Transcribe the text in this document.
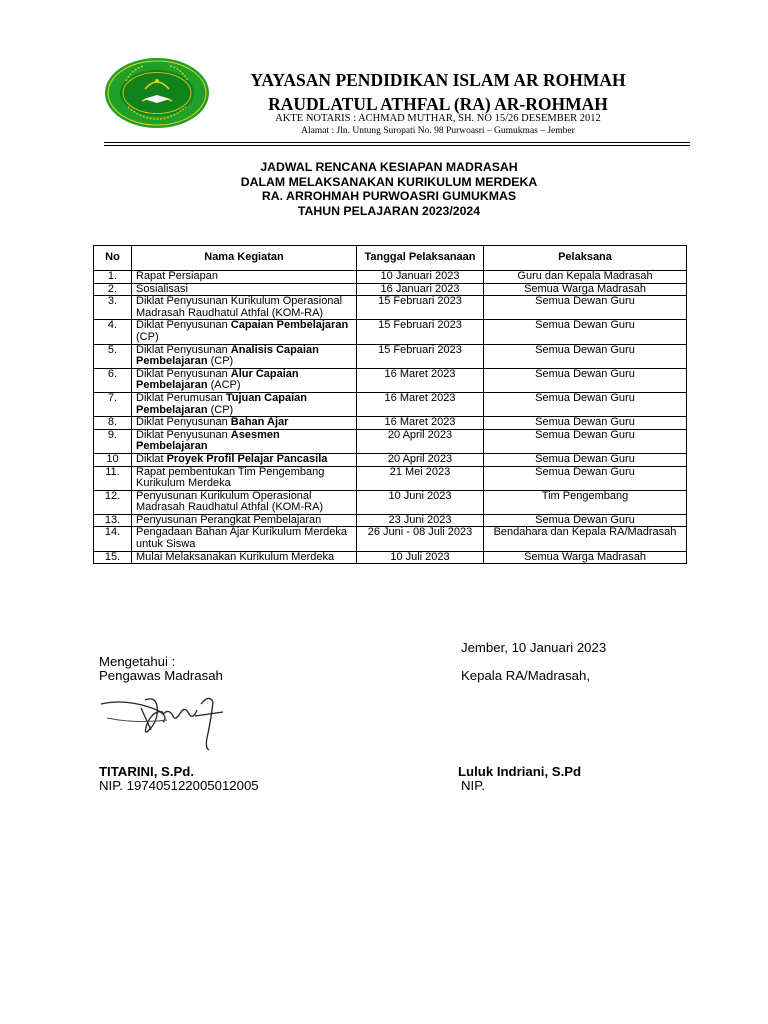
YAYASAN PENDIDIKAN ISLAM AR ROHMAH
RAUDLATUL ATHFAL (RA) AR-ROHMAH
AKTE NOTARIS : ACHMAD MUTHAR, SH. NO 15/26 DESEMBER 2012
Alamat : Jln. Untung Suropati No. 98 Purwoasri – Gumukmas – Jember
JADWAL RENCANA KESIAPAN MADRASAH
DALAM MELAKSANAKAN KURIKULUM MERDEKA
RA. ARROHMAH PURWOASRI GUMUKMAS
TAHUN PELAJARAN 2023/2024
No	Nama Kegiatan	Tanggal Pelaksanaan	Pelaksana
1.	Rapat Persiapan	10 Januari 2023	Guru dan Kepala Madrasah
2.	Sosialisasi	16 Januari 2023	Semua Warga Madrasah
3.	Diklat Penyusunan Kurikulum Operasional Madrasah Raudhatul Athfal (KOM-RA)	15 Februari 2023	Semua Dewan Guru
4.	Diklat Penyusunan Capaian Pembelajaran (CP)	15 Februari 2023	Semua Dewan Guru
5.	Diklat Penyusunan Analisis Capaian Pembelajaran (CP)	15 Februari 2023	Semua Dewan Guru
6.	Diklat Penyusunan Alur Capaian Pembelajaran (ACP)	16 Maret 2023	Semua Dewan Guru
7.	Diklat Perumusan Tujuan Capaian Pembelajaran (CP)	16 Maret 2023	Semua Dewan Guru
8.	Diklat Penyusunan Bahan Ajar	16 Maret 2023	Semua Dewan Guru
9.	Diklat Penyusunan Asesmen Pembelajaran	20 April 2023	Semua Dewan Guru
10	Diklat Proyek Profil Pelajar Pancasila	20 April 2023	Semua Dewan Guru
11.	Rapat pembentukan Tim Pengembang Kurikulum Merdeka	21 Mei 2023	Semua Dewan Guru
12.	Penyusunan Kurikulum Operasional Madrasah Raudhatul Athfal (KOM-RA)	10 Juni 2023	Tim Pengembang
13.	Penyusunan Perangkat Pembelajaran	23 Juni 2023	Semua Dewan Guru
14.	Pengadaan Bahan Ajar Kurikulum Merdeka untuk Siswa	26 Juni - 08 Juli 2023	Bendahara dan Kepala RA/Madrasah
15.	Mulai Melaksanakan Kurikulum Merdeka	10 Juli 2023	Semua Warga Madrasah
Jember, 10 Januari 2023
Mengetahui :
Pengawas Madrasah	Kepala RA/Madrasah,
TITARINI, S.Pd.
NIP. 197405122005012005
Luluk Indriani, S.Pd
NIP.
